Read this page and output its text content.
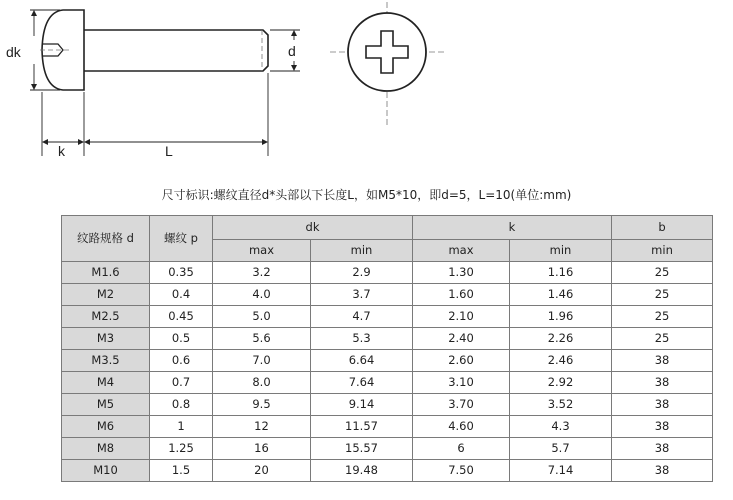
dk	d
k	L
尺寸标识:螺纹直径d*头部以下长度L，如M5*10，即d=5，L=10(单位:mm)
纹路规格 d	螺纹 p	dk		k		b
		max	min	max	min	min
M1.6	0.35	3.2	2.9	1.30	1.16	25
M2	0.4	4.0	3.7	1.60	1.46	25
M2.5	0.45	5.0	4.7	2.10	1.96	25
M3	0.5	5.6	5.3	2.40	2.26	25
M3.5	0.6	7.0	6.64	2.60	2.46	38
M4	0.7	8.0	7.64	3.10	2.92	38
M5	0.8	9.5	9.14	3.70	3.52	38
M6	1	12	11.57	4.60	4.3	38
M8	1.25	16	15.57	6	5.7	38
M10	1.5	20	19.48	7.50	7.14	38
